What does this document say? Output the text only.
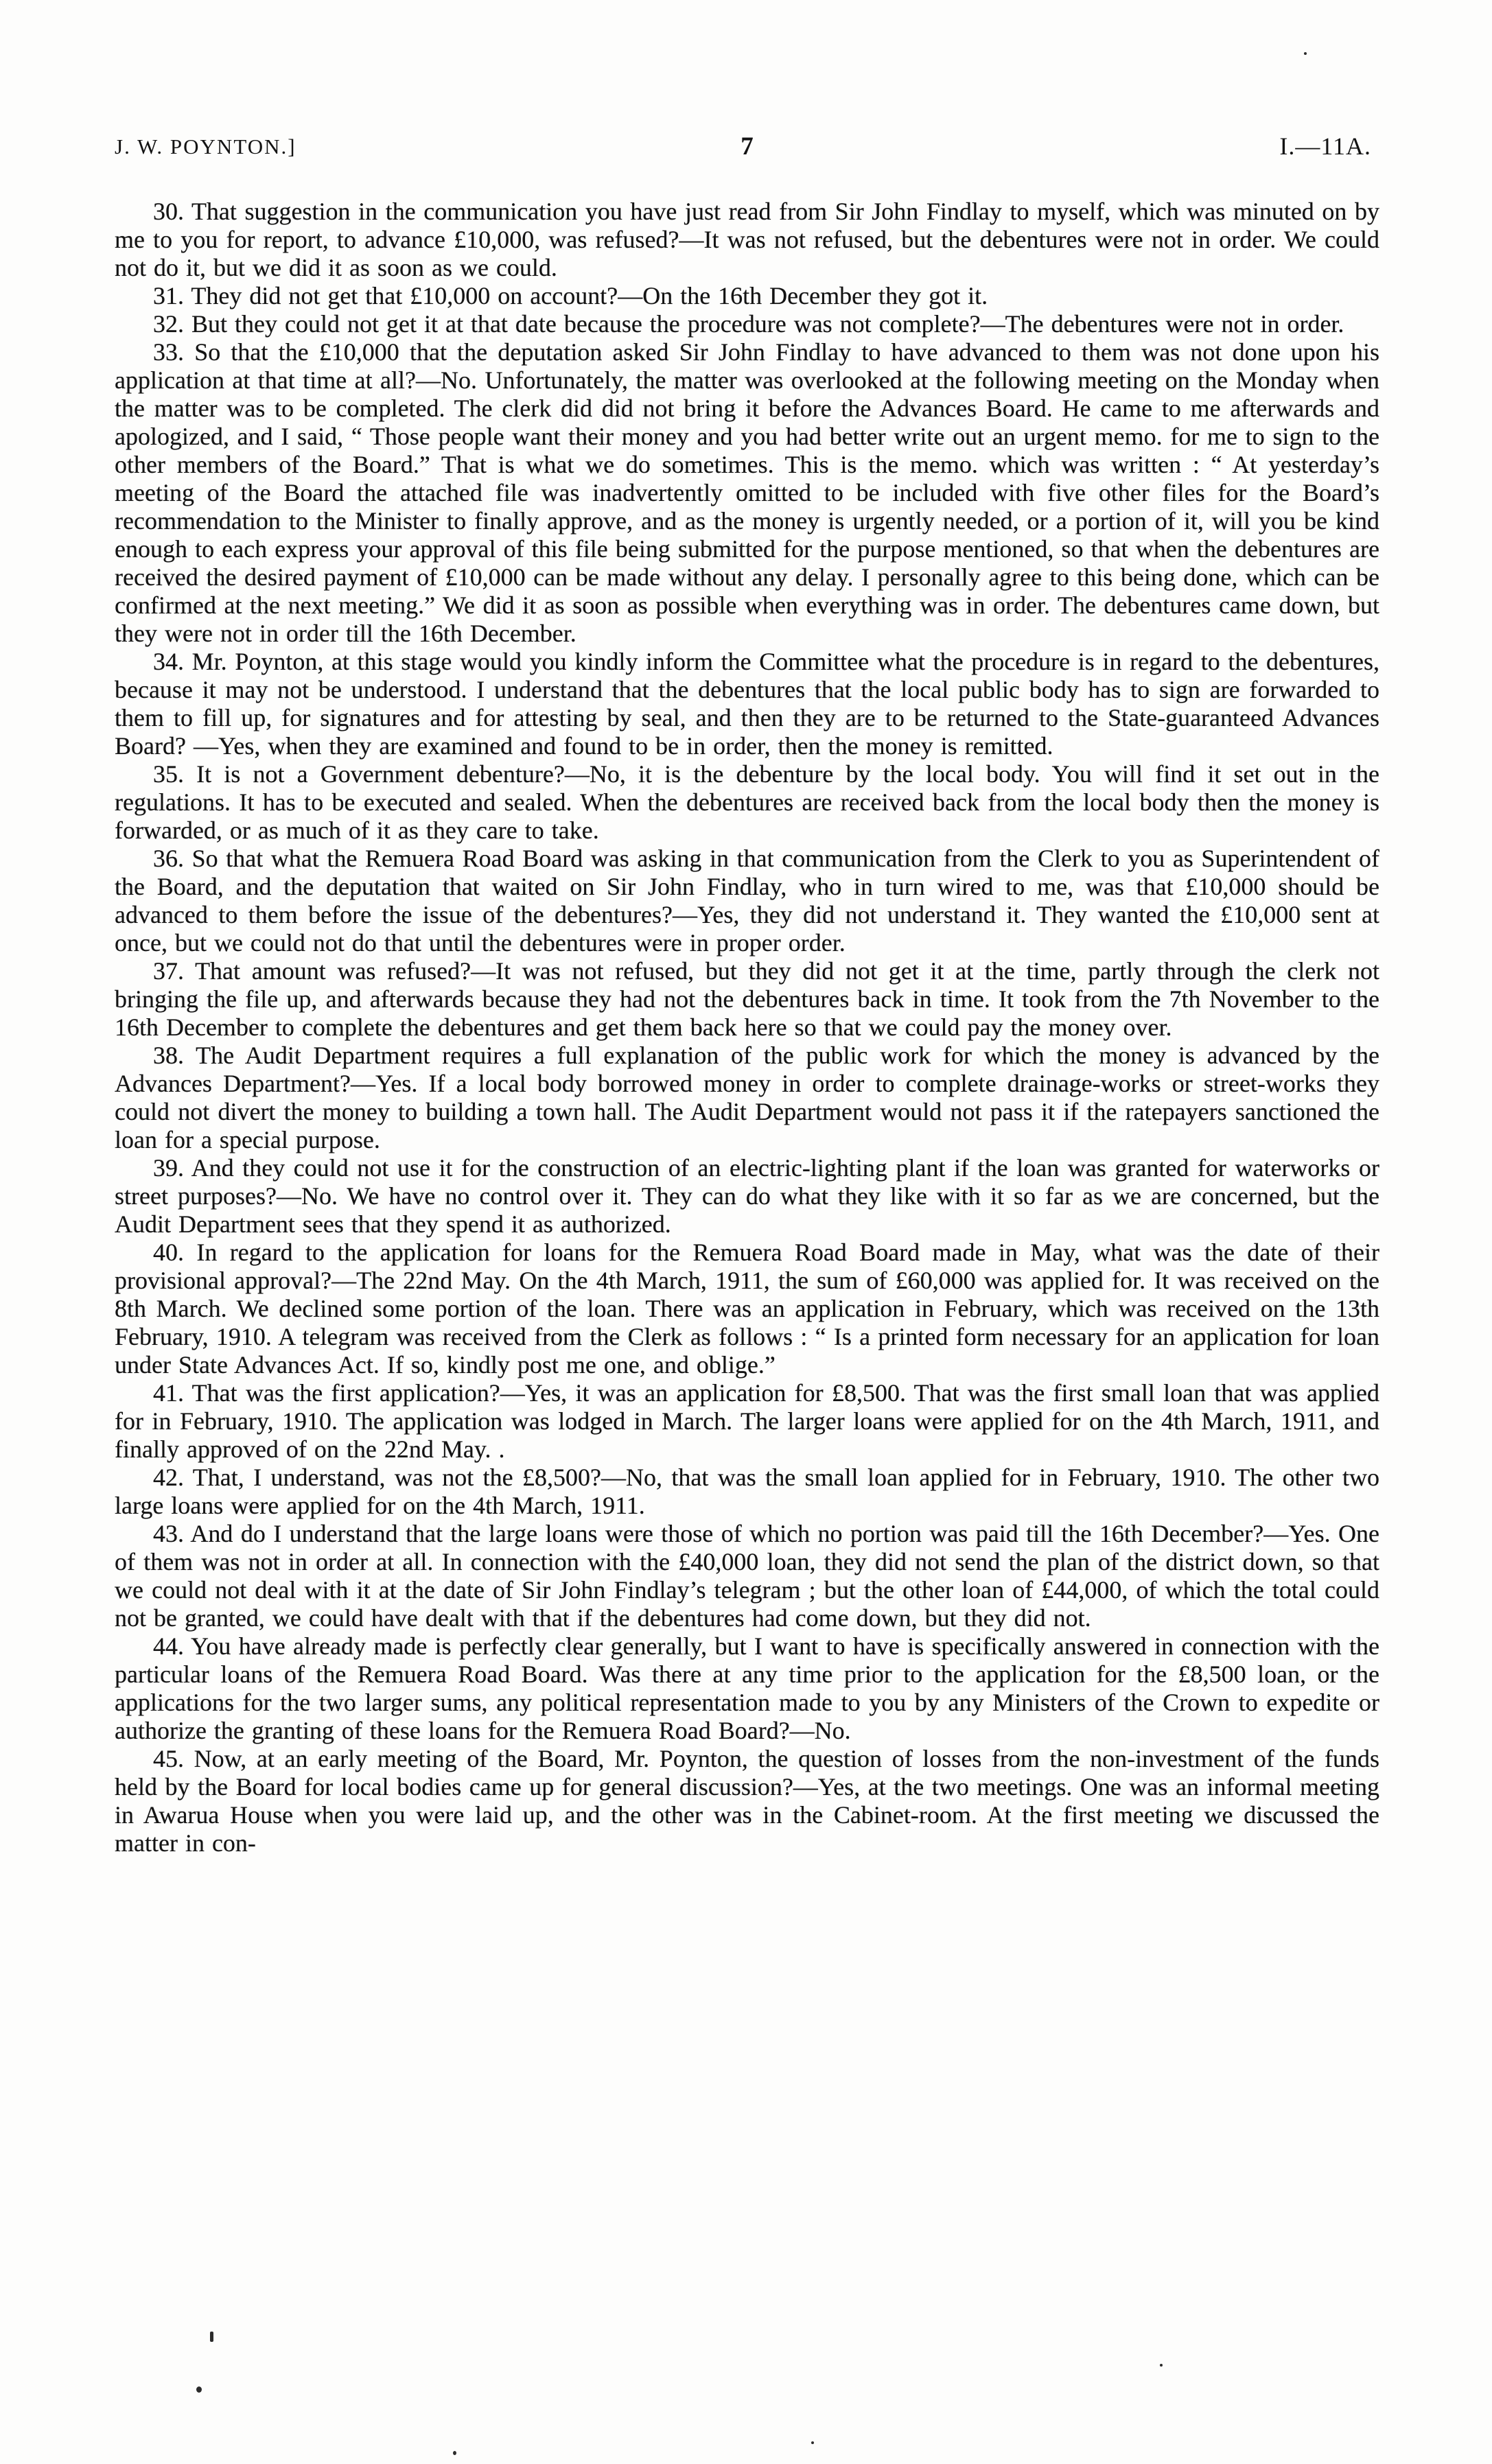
J. W. POYNTON.]	7	I.—11A.

30. That suggestion in the communication you have just read from Sir John Findlay to myself, which was minuted on by me to you for report, to advance £10,000, was refused?—It was not refused, but the debentures were not in order. We could not do it, but we did it as soon as we could.

31. They did not get that £10,000 on account?—On the 16th December they got it.

32. But they could not get it at that date because the procedure was not complete?—The debentures were not in order.

33. So that the £10,000 that the deputation asked Sir John Findlay to have advanced to them was not done upon his application at that time at all?—No. Unfortunately, the matter was overlooked at the following meeting on the Monday when the matter was to be completed. The clerk did did not bring it before the Advances Board. He came to me afterwards and apologized, and I said, “ Those people want their money and you had better write out an urgent memo. for me to sign to the other members of the Board.” That is what we do sometimes. This is the memo. which was written : “ At yesterday’s meeting of the Board the attached file was inadvertently omitted to be included with five other files for the Board’s recommendation to the Minister to finally approve, and as the money is urgently needed, or a portion of it, will you be kind enough to each express your approval of this file being submitted for the purpose mentioned, so that when the debentures are received the desired payment of £10,000 can be made without any delay. I personally agree to this being done, which can be confirmed at the next meeting.” We did it as soon as possible when everything was in order. The debentures came down, but they were not in order till the 16th December.

34. Mr. Poynton, at this stage would you kindly inform the Committee what the procedure is in regard to the debentures, because it may not be understood. I understand that the debentures that the local public body has to sign are forwarded to them to fill up, for signatures and for attesting by seal, and then they are to be returned to the State-guaranteed Advances Board? —Yes, when they are examined and found to be in order, then the money is remitted.

35. It is not a Government debenture?—No, it is the debenture by the local body. You will find it set out in the regulations. It has to be executed and sealed. When the debentures are received back from the local body then the money is forwarded, or as much of it as they care to take.

36. So that what the Remuera Road Board was asking in that communication from the Clerk to you as Superintendent of the Board, and the deputation that waited on Sir John Findlay, who in turn wired to me, was that £10,000 should be advanced to them before the issue of the debentures?—Yes, they did not understand it. They wanted the £10,000 sent at once, but we could not do that until the debentures were in proper order.

37. That amount was refused?—It was not refused, but they did not get it at the time, partly through the clerk not bringing the file up, and afterwards because they had not the debentures back in time. It took from the 7th November to the 16th December to complete the debentures and get them back here so that we could pay the money over.

38. The Audit Department requires a full explanation of the public work for which the money is advanced by the Advances Department?—Yes. If a local body borrowed money in order to complete drainage-works or street-works they could not divert the money to building a town hall. The Audit Department would not pass it if the ratepayers sanctioned the loan for a special purpose.

39. And they could not use it for the construction of an electric-lighting plant if the loan was granted for waterworks or street purposes?—No. We have no control over it. They can do what they like with it so far as we are concerned, but the Audit Department sees that they spend it as authorized.

40. In regard to the application for loans for the Remuera Road Board made in May, what was the date of their provisional approval?—The 22nd May. On the 4th March, 1911, the sum of £60,000 was applied for. It was received on the 8th March. We declined some portion of the loan. There was an application in February, which was received on the 13th February, 1910. A telegram was received from the Clerk as follows : “ Is a printed form necessary for an application for loan under State Advances Act. If so, kindly post me one, and oblige.”

41. That was the first application?—Yes, it was an application for £8,500. That was the first small loan that was applied for in February, 1910. The application was lodged in March. The larger loans were applied for on the 4th March, 1911, and finally approved of on the 22nd May. .

42. That, I understand, was not the £8,500?—No, that was the small loan applied for in February, 1910. The other two large loans were applied for on the 4th March, 1911.

43. And do I understand that the large loans were those of which no portion was paid till the 16th December?—Yes. One of them was not in order at all. In connection with the £40,000 loan, they did not send the plan of the district down, so that we could not deal with it at the date of Sir John Findlay’s telegram ; but the other loan of £44,000, of which the total could not be granted, we could have dealt with that if the debentures had come down, but they did not.

44. You have already made is perfectly clear generally, but I want to have is specifically answered in connection with the particular loans of the Remuera Road Board. Was there at any time prior to the application for the £8,500 loan, or the applications for the two larger sums, any political representation made to you by any Ministers of the Crown to expedite or authorize the granting of these loans for the Remuera Road Board?—No.

45. Now, at an early meeting of the Board, Mr. Poynton, the question of losses from the non-investment of the funds held by the Board for local bodies came up for general discussion?—Yes, at the two meetings. One was an informal meeting in Awarua House when you were laid up, and the other was in the Cabinet-room. At the first meeting we discussed the matter in con-
